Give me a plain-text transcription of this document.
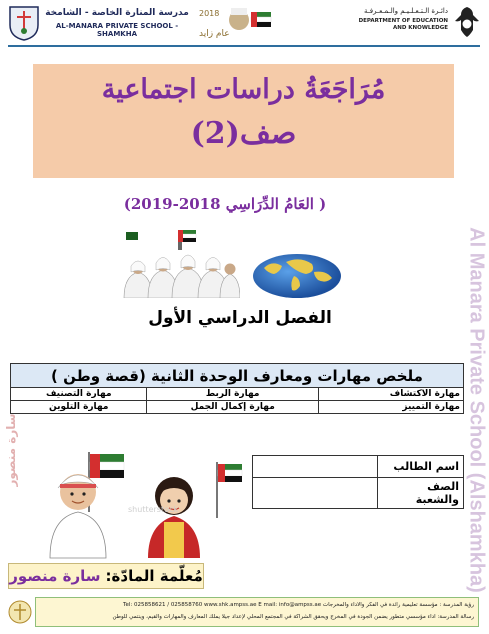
مدرسة المنارة الخاصة - الشامخة
AL-MANARA PRIVATE SCHOOL - SHAMKHA
2018
عام زايد
دائـرة الـتـعـلـيـم والـمـعـرفـة
DEPARTMENT OF EDUCATION
AND KNOWLEDGE
مُرَاجَعَةُ دراسات اجتماعية
صف(2)
( العَامُ الدِّرَاسِي 2018-2019)
الفصل الدراسي الأول
ملخص مهارات ومعارف الوحدة الثانية (قصة وطن )		
مهارة الاكتشاف	مهارة الربط	مهارة التصنيف
مهارة التمييز	مهارة إكمال الجمل	مهارة التلوين
shutterstock
اسم الطالب	
الصف والشعبة	
مُعلّمة المادّة:
سارة منصور
رؤية المدرسة : مؤسسة تعليمية رائدة في الفكر والأداء والمخرجات Tel: 025858621 / 025858760 www.shk.ampss.ae E mail: info@ampss.ae
رسالة المدرسة: أداء مؤسسي متطور يضمن الجودة في المخرج ويحقق الشراكة في المجتمع المحلي لإعداد جيلا يملك المعارف والمهارات والقيم، وينتمي للوطن
Al Manara Private School (Alshamkha)
سارة منصور
